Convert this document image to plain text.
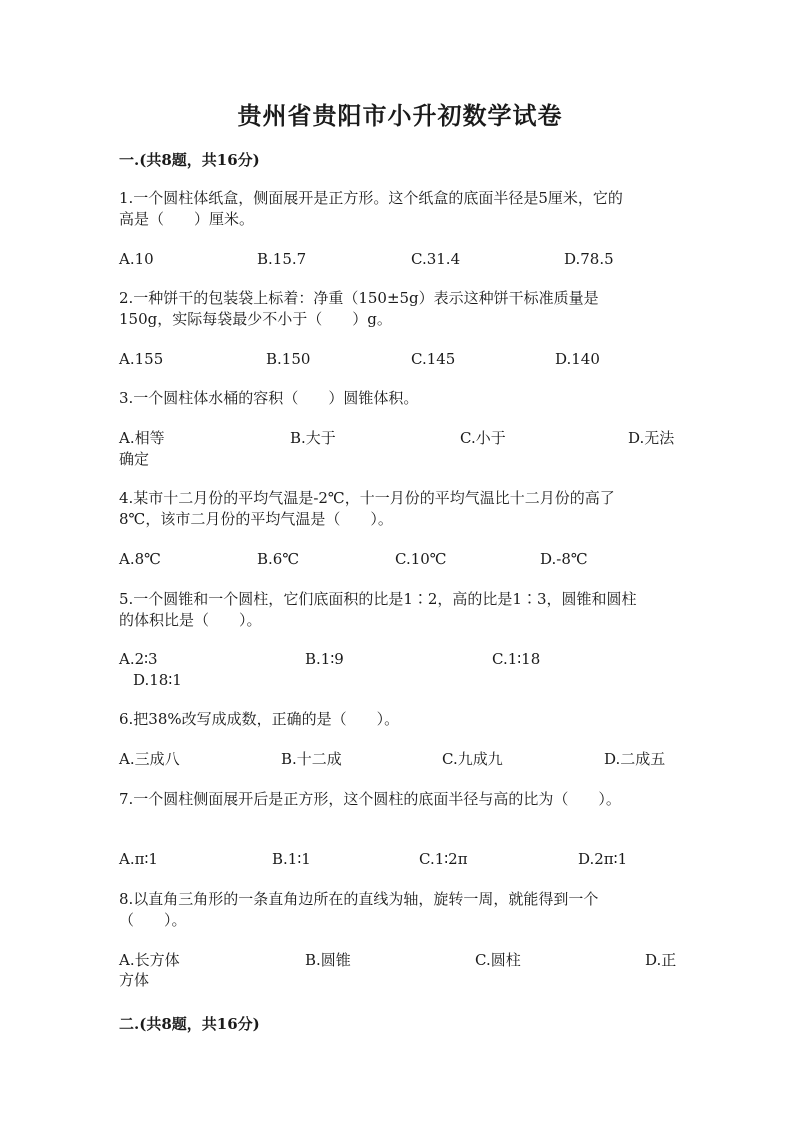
贵州省贵阳市小升初数学试卷
一.(共8题，共16分)
1.一个圆柱体纸盒，侧面展开是正方形。这个纸盒的底面半径是5厘米，它的
高是（　　）厘米。
A.10	B.15.7	C.31.4	D.78.5
2.一种饼干的包装袋上标着：净重（150±5g）表示这种饼干标准质量是
150g，实际每袋最少不小于（　　）g。
A.155	B.150	C.145	D.140
3.一个圆柱体水桶的容积（　　）圆锥体积。
A.相等	B.大于	C.小于	D.无法
确定
4.某市十二月份的平均气温是-2℃，十一月份的平均气温比十二月份的高了
8℃，该市二月份的平均气温是（　　）。
A.8℃	B.6℃	C.10℃	D.-8℃
5.一个圆锥和一个圆柱，它们底面积的比是1∶2，高的比是1∶3，圆锥和圆柱
的体积比是（　　）。
A.2∶3	B.1∶9	C.1∶18
D.18∶1
6.把38%改写成成数，正确的是（　　）。
A.三成八	B.十二成	C.九成九	D.二成五
7.一个圆柱侧面展开后是正方形，这个圆柱的底面半径与高的比为（　　）。
A.π∶1	B.1∶1	C.1∶2π	D.2π∶1
8.以直角三角形的一条直角边所在的直线为轴，旋转一周，就能得到一个
（　　）。
A.长方体	B.圆锥	C.圆柱	D.正
方体
二.(共8题，共16分)
